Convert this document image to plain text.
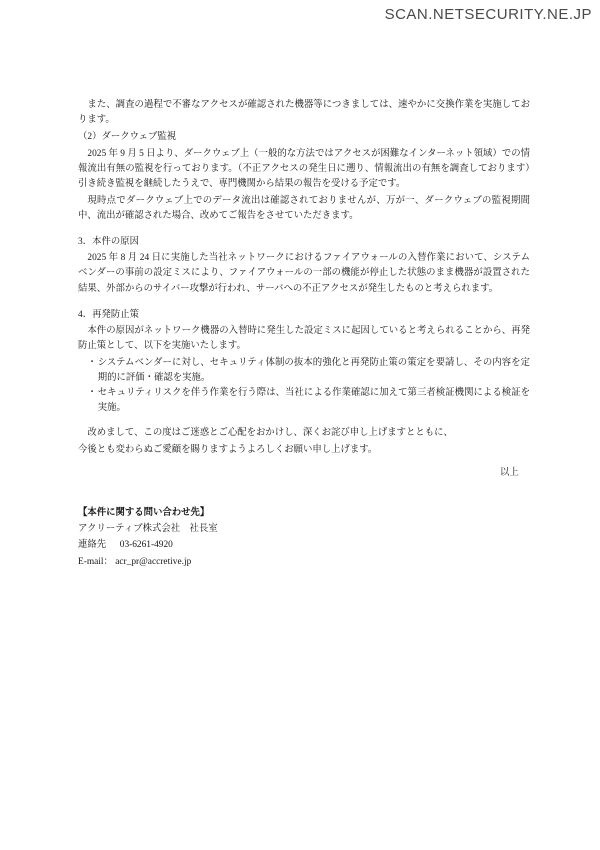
SCAN.NETSECURITY.NE.JP

また、調査の過程で不審なアクセスが確認された機器等につきましては、速やかに交換作業を実施しております。

（2）ダークウェブ監視

2025 年 9 月 5 日より、ダークウェブ上（一般的な方法ではアクセスが困難なインターネット領域）での情報流出有無の監視を行っております。（不正アクセスの発生日に遡り、情報流出の有無を調査しております）引き続き監視を継続したうえで、専門機関から結果の報告を受ける予定です。

現時点でダークウェブ上でのデータ流出は確認されておりませんが、万が一、ダークウェブの監視期間中、流出が確認された場合、改めてご報告をさせていただきます。

3．本件の原因

2025 年 8 月 24 日に実施した当社ネットワークにおけるファイアウォールの入替作業において、システムベンダーの事前の設定ミスにより、ファイアウォールの一部の機能が停止した状態のまま機器が設置された結果、外部からのサイバー攻撃が行われ、サーバへの不正アクセスが発生したものと考えられます。

4．再発防止策

本件の原因がネットワーク機器の入替時に発生した設定ミスに起因していると考えられることから、再発防止策として、以下を実施いたします。

・ システムベンダーに対し、セキュリティ体制の抜本的強化と再発防止策の策定を要請し、その内容を定期的に評価・確認を実施。

・ セキュリティリスクを伴う作業を行う際は、当社による作業確認に加えて第三者検証機関による検証を実施。

改めまして、この度はご迷惑とご心配をおかけし、深くお詫び申し上げますとともに、

今後とも変わらぬご愛顧を賜りますようよろしくお願い申し上げます。

以上

【本件に関する問い合わせ先】

アクリーティブ株式会社　社長室

連絡先 03-6261-4920

E-mail： acr_pr@accretive.jp
